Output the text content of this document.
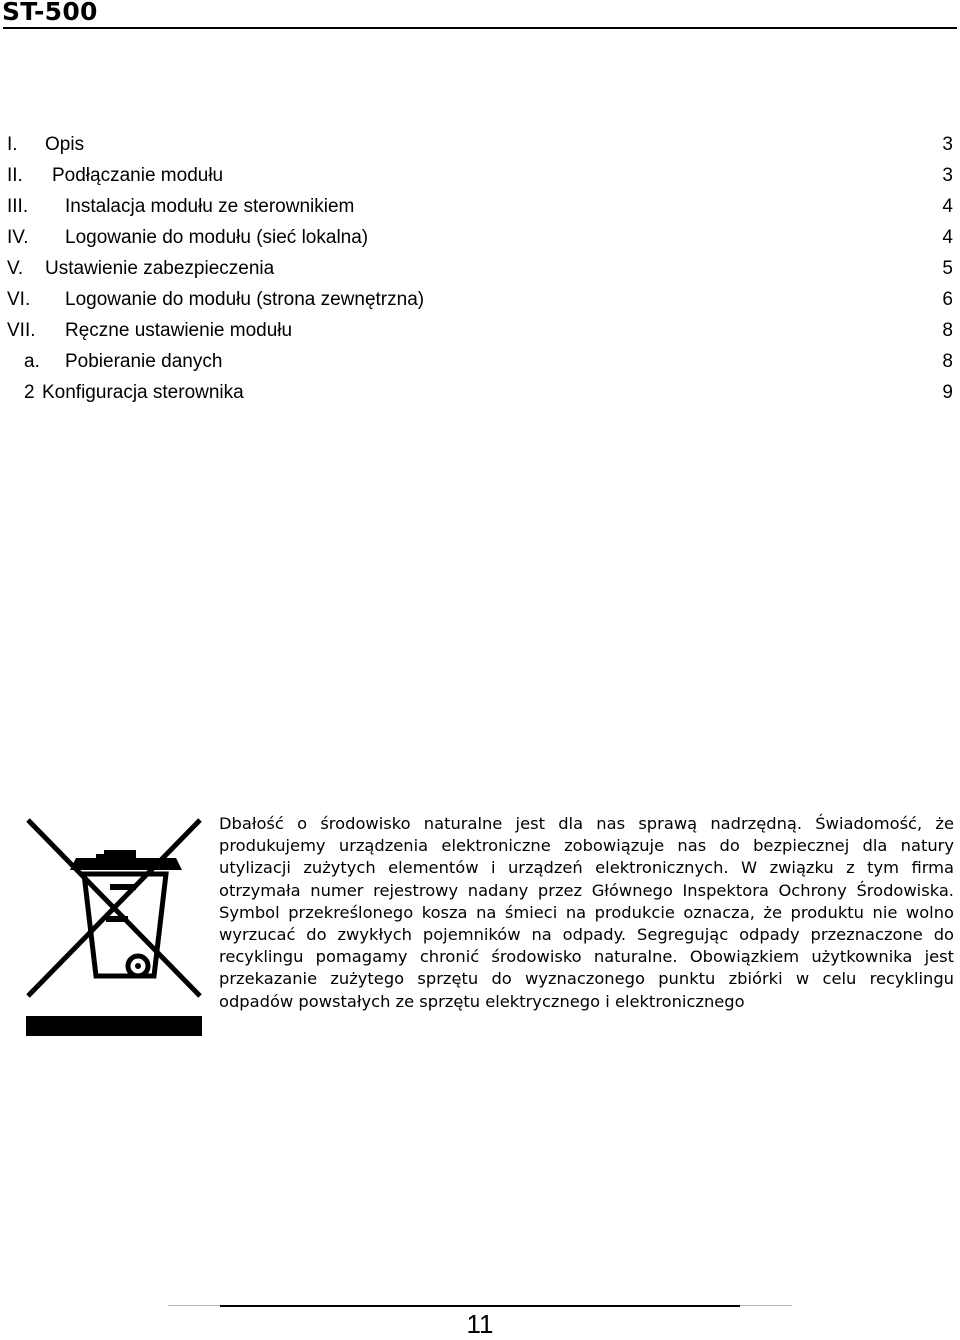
ST-500
I. Opis	3
II. Podłączanie modułu	3
III. Instalacja modułu ze sterownikiem	4
IV. Logowanie do modułu (sieć lokalna)	4
V. Ustawienie zabezpieczenia	5
VI. Logowanie do modułu (strona zewnętrzna)	6
VII. Ręczne ustawienie modułu	8
a. Pobieranie danych	8
2 Konfiguracja sterownika	9
Dbałość o środowisko naturalne jest dla nas sprawą nadrzędną. Świadomość, że produkujemy urządzenia elektroniczne zobowiązuje nas do bezpiecznej dla natury utylizacji zużytych elementów i urządzeń elektronicznych. W związku z tym firma otrzymała numer rejestrowy nadany przez Głównego Inspektora Ochrony Środowiska. Symbol przekreślonego kosza na śmieci na produkcie oznacza, że produktu nie wolno wyrzucać do zwykłych pojemników na odpady. Segregując odpady przeznaczone do recyklingu pomagamy chronić środowisko naturalne. Obowiązkiem użytkownika jest przekazanie zużytego sprzętu do wyznaczonego punktu zbiórki w celu recyklingu odpadów powstałych ze sprzętu elektrycznego i elektronicznego
11
